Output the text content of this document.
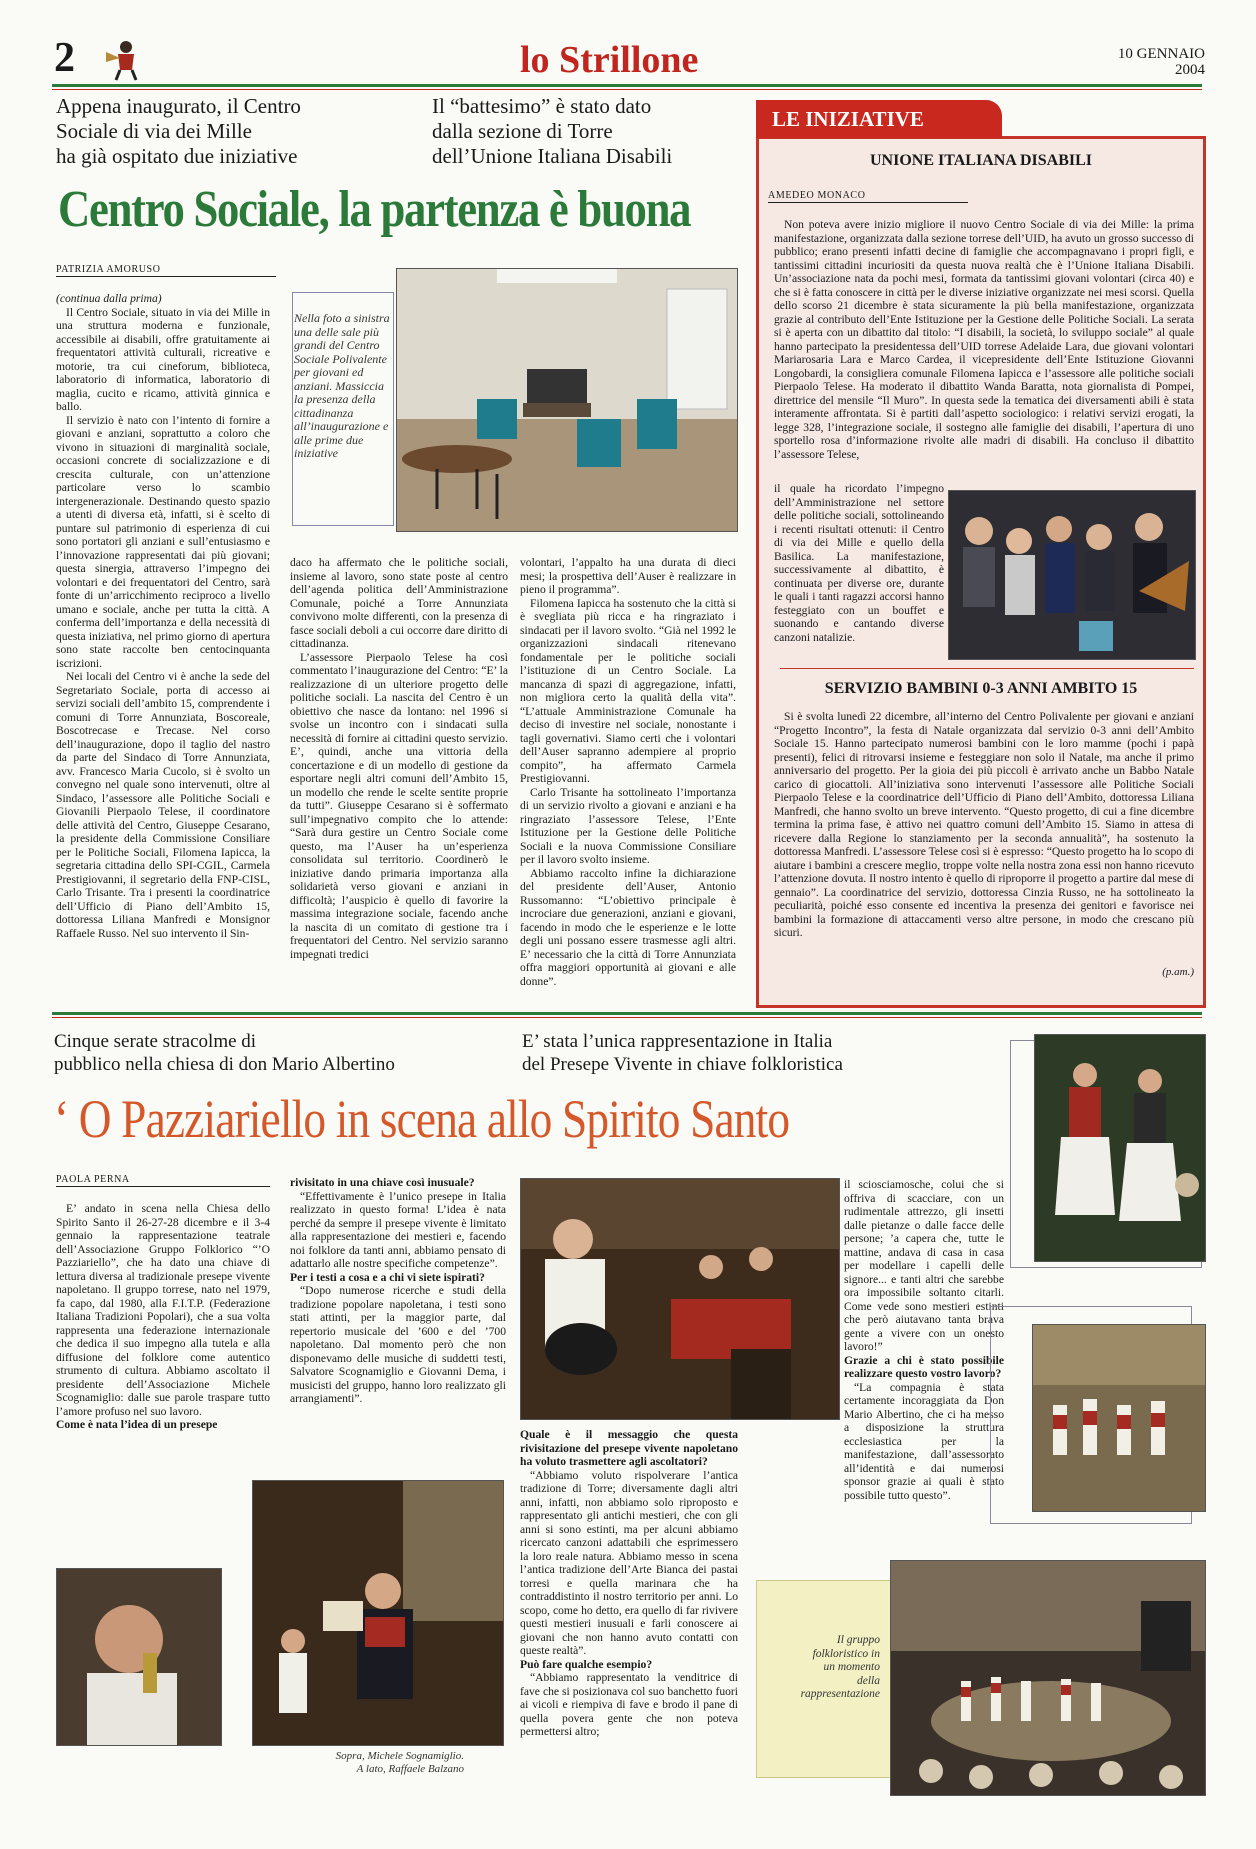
2	lo Strillone	10 GENNAIO
2004
Appena inaugurato, il Centro
Sociale di via dei Mille
ha già ospitato due iniziative
Il “battesimo” è stato dato
dalla sezione di Torre
dell’Unione Italiana Disabili
Centro Sociale, la partenza è buona
PATRIZIA AMORUSO

(continua dalla prima)

Il Centro Sociale, situato in via dei Mille in una struttura moderna e funzionale, accessibile ai disabili, offre gratuitamente ai frequentatori attività culturali, ricreative e motorie, tra cui cineforum, biblioteca, laboratorio di informatica, laboratorio di maglia, cucito e ricamo, attività ginnica e ballo.

Il servizio è nato con l’intento di fornire a giovani e anziani, soprattutto a coloro che vivono in situazioni di marginalità sociale, occasioni concrete di socializzazione e di crescita culturale, con un’attenzione particolare verso lo scambio intergenerazionale. Destinando questo spazio a utenti di diversa età, infatti, si è scelto di puntare sul patrimonio di esperienza di cui sono portatori gli anziani e sull’entusiasmo e l’innovazione rappresentati dai più giovani; questa sinergia, attraverso l’impegno dei volontari e dei frequentatori del Centro, sarà fonte di un’arricchimento reciproco a livello umano e sociale, anche per tutta la città. A conferma dell’importanza e della necessità di questa iniziativa, nel primo giorno di apertura sono state raccolte ben centocinquanta iscrizioni.

Nei locali del Centro vi è anche la sede del Segretariato Sociale, porta di accesso ai servizi sociali dell’ambito 15, comprendente i comuni di Torre Annunziata, Boscoreale, Boscotrecase e Trecase. Nel corso dell’inaugurazione, dopo il taglio del nastro da parte del Sindaco di Torre Annunziata, avv. Francesco Maria Cucolo, si è svolto un convegno nel quale sono intervenuti, oltre al Sindaco, l’assessore alle Politiche Sociali e Giovanili Pierpaolo Telese, il coordinatore delle attività del Centro, Giuseppe Cesarano, la presidente della Commissione Consiliare per le Politiche Sociali, Filomena Iapicca, la segretaria cittadina dello SPI-CGIL, Carmela Prestigiovanni, il segretario della FNP-CISL, Carlo Trisante. Tra i presenti la coordinatrice dell’Ufficio di Piano dell’Ambito 15, dottoressa Liliana Manfredi e Monsignor Raffaele Russo. Nel suo intervento il Sin-

Nella foto a sinistra una delle sale più grandi del Centro Sociale Polivalente per giovani ed anziani. Massiccia la presenza della cittadinanza all’inaugurazione e alle prime due iniziative

daco ha affermato che le politiche sociali, insieme al lavoro, sono state poste al centro dell’agenda politica dell’Amministrazione Comunale, poiché a Torre Annunziata convivono molte differenti, con la presenza di fasce sociali deboli a cui occorre dare diritto di cittadinanza.

L’assessore Pierpaolo Telese ha così commentato l’inaugurazione del Centro: “E’ la realizzazione di un ulteriore progetto delle politiche sociali. La nascita del Centro è un obiettivo che nasce da lontano: nel 1996 si svolse un incontro con i sindacati sulla necessità di fornire ai cittadini questo servizio. E’, quindi, anche una vittoria della concertazione e di un modello di gestione da esportare negli altri comuni dell’Ambito 15, un modello che rende le scelte sentite proprie da tutti”. Giuseppe Cesarano si è soffermato sull’impegnativo compito che lo attende: “Sarà dura gestire un Centro Sociale come questo, ma l’Auser ha un’esperienza consolidata sul territorio. Coordinerò le iniziative dando primaria importanza alla solidarietà verso giovani e anziani in difficoltà; l’auspicio è quello di favorire la massima integrazione sociale, facendo anche la nascita di un comitato di gestione tra i frequentatori del Centro. Nel servizio saranno impegnati tredici

volontari, l’appalto ha una durata di dieci mesi; la prospettiva dell’Auser è realizzare in pieno il programma”.

Filomena Iapicca ha sostenuto che la città si è svegliata più ricca e ha ringraziato i sindacati per il lavoro svolto. “Già nel 1992 le organizzazioni sindacali ritenevano fondamentale per le politiche sociali l’istituzione di un Centro Sociale. La mancanza di spazi di aggregazione, infatti, non migliora certo la qualità della vita”. “L’attuale Amministrazione Comunale ha deciso di investire nel sociale, nonostante i tagli governativi. Siamo certi che i volontari dell’Auser sapranno adempiere al proprio compito”, ha affermato Carmela Prestigiovanni.

Carlo Trisante ha sottolineato l’importanza di un servizio rivolto a giovani e anziani e ha ringraziato l’assessore Telese, l’Ente Istituzione per la Gestione delle Politiche Sociali e la nuova Commissione Consiliare per il lavoro svolto insieme.

Abbiamo raccolto infine la dichiarazione del presidente dell’Auser, Antonio Russomanno: “L’obiettivo principale è incrociare due generazioni, anziani e giovani, facendo in modo che le esperienze e le lotte degli uni possano essere trasmesse agli altri. E’ necessario che la città di Torre Annunziata offra maggiori opportunità ai giovani e alle donne”.

LE INIZIATIVE
UNIONE ITALIANA DISABILI
AMEDEO MONACO

Non poteva avere inizio migliore il nuovo Centro Sociale di via dei Mille: la prima manifestazione, organizzata dalla sezione torrese dell’UID, ha avuto un grosso successo di pubblico; erano presenti infatti decine di famiglie che accompagnavano i propri figli, e tantissimi cittadini incuriositi da questa nuova realtà che è l’Unione Italiana Disabili. Un’associazione nata da pochi mesi, formata da tantissimi giovani volontari (circa 40) e che si è fatta conoscere in città per le diverse iniziative organizzate nei mesi scorsi. Quella dello scorso 21 dicembre è stata sicuramente la più bella manifestazione, organizzata grazie al contributo dell’Ente Istituzione per la Gestione delle Politiche Sociali. La serata si è aperta con un dibattito dal titolo: “I disabili, la società, lo sviluppo sociale” al quale hanno partecipato la presidentessa dell’UID torrese Adelaide Lara, due giovani volontari Mariarosaria Lara e Marco Cardea, il vicepresidente dell’Ente Istituzione Giovanni Longobardi, la consigliera comunale Filomena Iapicca e l’assessore alle politiche sociali Pierpaolo Telese. Ha moderato il dibattito Wanda Baratta, nota giornalista di Pompei, direttrice del mensile “Il Muro”. In questa sede la tematica dei diversamenti abili è stata interamente affrontata. Si è partiti dall’aspetto sociologico: i relativi servizi erogati, la legge 328, l’integrazione sociale, il sostegno alle famiglie dei disabili, l’apertura di uno sportello rosa d’informazione rivolte alle madri di disabili. Ha concluso il dibattito l’assessore Telese,

il quale ha ricordato l’impegno dell’Amministrazione nel settore delle politiche sociali, sottolineando i recenti risultati ottenuti: il Centro di via dei Mille e quello della Basilica. La manifestazione, successivamente al dibattito, è continuata per diverse ore, durante le quali i tanti ragazzi accorsi hanno festeggiato con un bouffet e suonando e cantando diverse canzoni natalizie.

SERVIZIO BAMBINI 0-3 ANNI AMBITO 15

Si è svolta lunedì 22 dicembre, all’interno del Centro Polivalente per giovani e anziani “Progetto Incontro”, la festa di Natale organizzata dal servizio 0-3 anni dell’Ambito Sociale 15. Hanno partecipato numerosi bambini con le loro mamme (pochi i papà presenti), felici di ritrovarsi insieme e festeggiare non solo il Natale, ma anche il primo anniversario del progetto. Per la gioia dei più piccoli è arrivato anche un Babbo Natale carico di giocattoli. All’iniziativa sono intervenuti l’assessore alle Politiche Sociali Pierpaolo Telese e la coordinatrice dell’Ufficio di Piano dell’Ambito, dottoressa Liliana Manfredi, che hanno svolto un breve intervento. “Questo progetto, di cui a fine dicembre termina la prima fase, è attivo nei quattro comuni dell’Ambito 15. Siamo in attesa di ricevere dalla Regione lo stanziamento per la seconda annualità”, ha sostenuto la dottoressa Manfredi. L’assessore Telese così si è espresso: “Questo progetto ha lo scopo di aiutare i bambini a crescere meglio, troppe volte nella nostra zona essi non hanno ricevuto l’attenzione dovuta. Il nostro intento è quello di riproporre il progetto a partire dal mese di gennaio”. La coordinatrice del servizio, dottoressa Cinzia Russo, ne ha sottolineato la peculiarità, poiché esso consente ed incentiva la presenza dei genitori e favorisce nei bambini la formazione di attaccamenti verso altre persone, in modo che crescano più sicuri.

(p.am.)
Cinque serate stracolme di
pubblico nella chiesa di don Mario Albertino
E’ stata l’unica rappresentazione in Italia
del Presepe Vivente in chiave folkloristica
‘ O Pazziariello in scena allo Spirito Santo
PAOLA PERNA

E’ andato in scena nella Chiesa dello Spirito Santo il 26-27-28 dicembre e il 3-4 gennaio la rappresentazione teatrale dell’Associazione Gruppo Folklorico “’O Pazziariello”, che ha dato una chiave di lettura diversa al tradizionale presepe vivente napoletano. Il gruppo torrese, nato nel 1979, fa capo, dal 1980, alla F.I.T.P. (Federazione Italiana Tradizioni Popolari), che a sua volta rappresenta una federazione internazionale che dedica il suo impegno alla tutela e alla diffusione del folklore come autentico strumento di cultura. Abbiamo ascoltato il presidente dell’Associazione Michele Scognamiglio: dalle sue parole traspare tutto l’amore profuso nel suo lavoro.

Come è nata l’idea di un presepe

rivisitato in una chiave così inusuale?

“Effettivamente è l’unico presepe in Italia realizzato in questo forma! L’idea è nata perché da sempre il presepe vivente è limitato alla rappresentazione dei mestieri e, facendo noi folklore da tanti anni, abbiamo pensato di adattarlo alle nostre specifiche competenze”.

Per i testi a cosa e a chi vi siete ispirati?

“Dopo numerose ricerche e studi della tradizione popolare napoletana, i testi sono stati attinti, per la maggior parte, dal repertorio musicale del ’600 e del ’700 napoletano. Dal momento però che non disponevamo delle musiche di suddetti testi, Salvatore Scognamiglio e Giovanni Dema, i musicisti del gruppo, hanno loro realizzato gli arrangiamenti”.

Quale è il messaggio che questa rivisitazione del presepe vivente napoletano ha voluto trasmettere agli ascoltatori?

“Abbiamo voluto rispolverare l’antica tradizione di Torre; diversamente dagli altri anni, infatti, non abbiamo solo riproposto e rappresentato gli antichi mestieri, che con gli anni si sono estinti, ma per alcuni abbiamo ricercato canzoni adattabili che esprimessero la loro reale natura. Abbiamo messo in scena l’antica tradizione dell’Arte Bianca dei pastai torresi e quella marinara che ha contraddistinto il nostro territorio per anni. Lo scopo, come ho detto, era quello di far rivivere questi mestieri inusuali e farli conoscere ai giovani che non hanno avuto contatti con queste realtà”.

Può fare qualche esempio?

“Abbiamo rappresentato la venditrice di fave che si posizionava col suo banchetto fuori ai vicoli e riempiva di fave e brodo il pane di quella povera gente che non poteva permettersi altro;

il sciosciamosche, colui che si offriva di scacciare, con un rudimentale attrezzo, gli insetti dalle pietanze o dalle facce delle persone; ’a capera che, tutte le mattine, andava di casa in casa per modellare i capelli delle signore... e tanti altri che sarebbe ora impossibile soltanto citarli. Come vede sono mestieri estinti che però aiutavano tanta brava gente a vivere con un onesto lavoro!”

Grazie a chi è stato possibile realizzare questo vostro lavoro?

“La compagnia è stata certamente incoraggiata da Don Mario Albertino, che ci ha messo a disposizione la struttura ecclesiastica per la manifestazione, dall’assessorato all’identità e dai numerosi sponsor grazie ai quali è stato possibile tutto questo”.

Sopra, Michele Sognamiglio.
A lato, Raffaele Balzano
Il gruppo folkloristico in un momento della rappresentazione
